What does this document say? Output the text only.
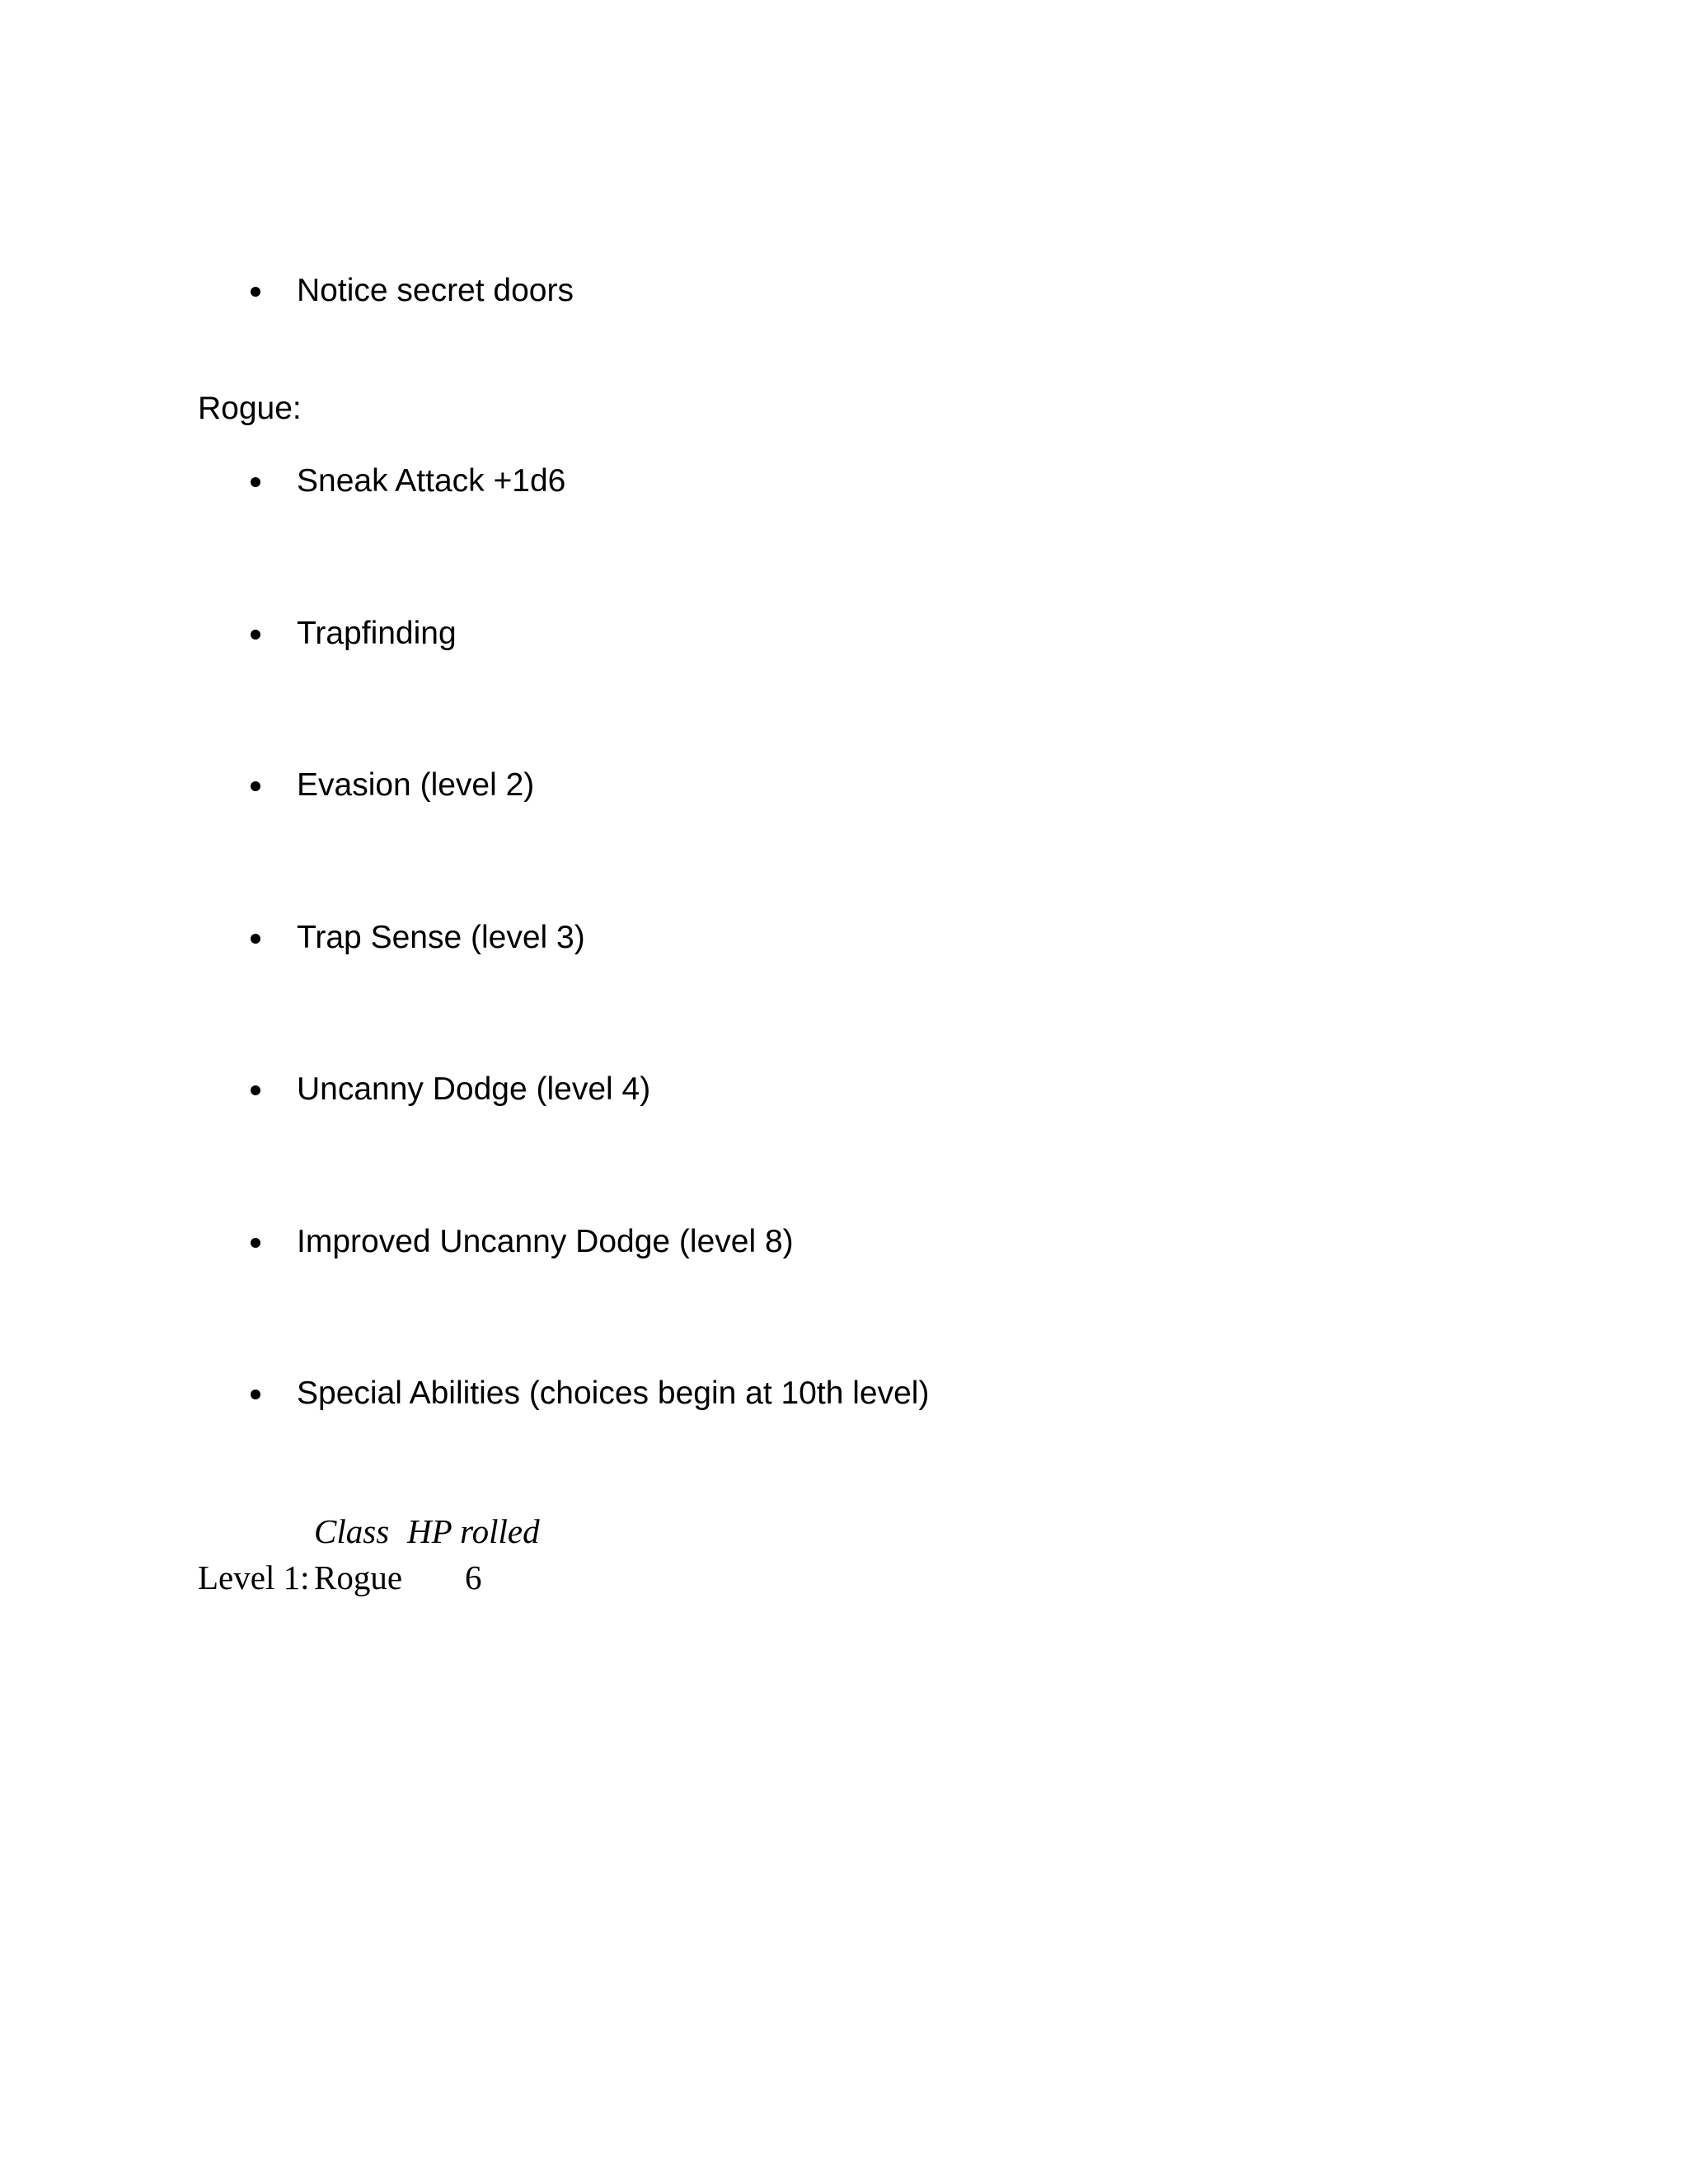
Notice secret doors
Rogue:
Sneak Attack +1d6
Trapfinding
Evasion (level 2)
Trap Sense (level 3)
Uncanny Dodge (level 4)
Improved Uncanny Dodge (level 8)
Special Abilities (choices begin at 10th level)
Class HP rolled
Level 1: Rogue 6
